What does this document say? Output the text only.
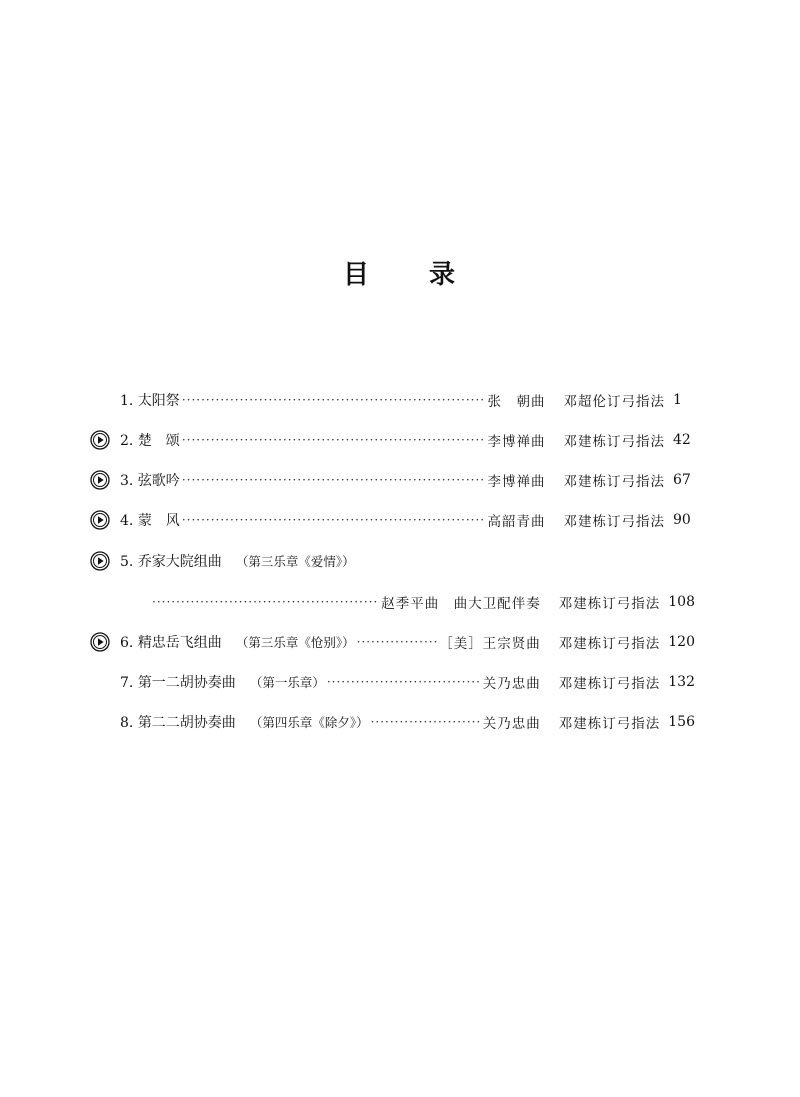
目 录
1. 太阳祭 ·····	张　朝曲 邓超伦订弓指法 1
2. 楚　颂 ·····	李博禅曲 邓建栋订弓指法 42
3. 弦歌吟 ·····	李博禅曲 邓建栋订弓指法 67
4. 蒙　风 ·····	高韶青曲 邓建栋订弓指法 90
5. 乔家大院组曲 （第三乐章《爱情》）
·····
赵季平曲　曲大卫配伴奏 邓建栋订弓指法 108
6. 精忠岳飞组曲 （第三乐章《怆别》） ·····	［美］王宗贤曲 邓建栋订弓指法 120
7. 第一二胡协奏曲 （第一乐章） ·····	关乃忠曲 邓建栋订弓指法 132
8. 第二二胡协奏曲 （第四乐章《除夕》） ·····	关乃忠曲 邓建栋订弓指法 156
